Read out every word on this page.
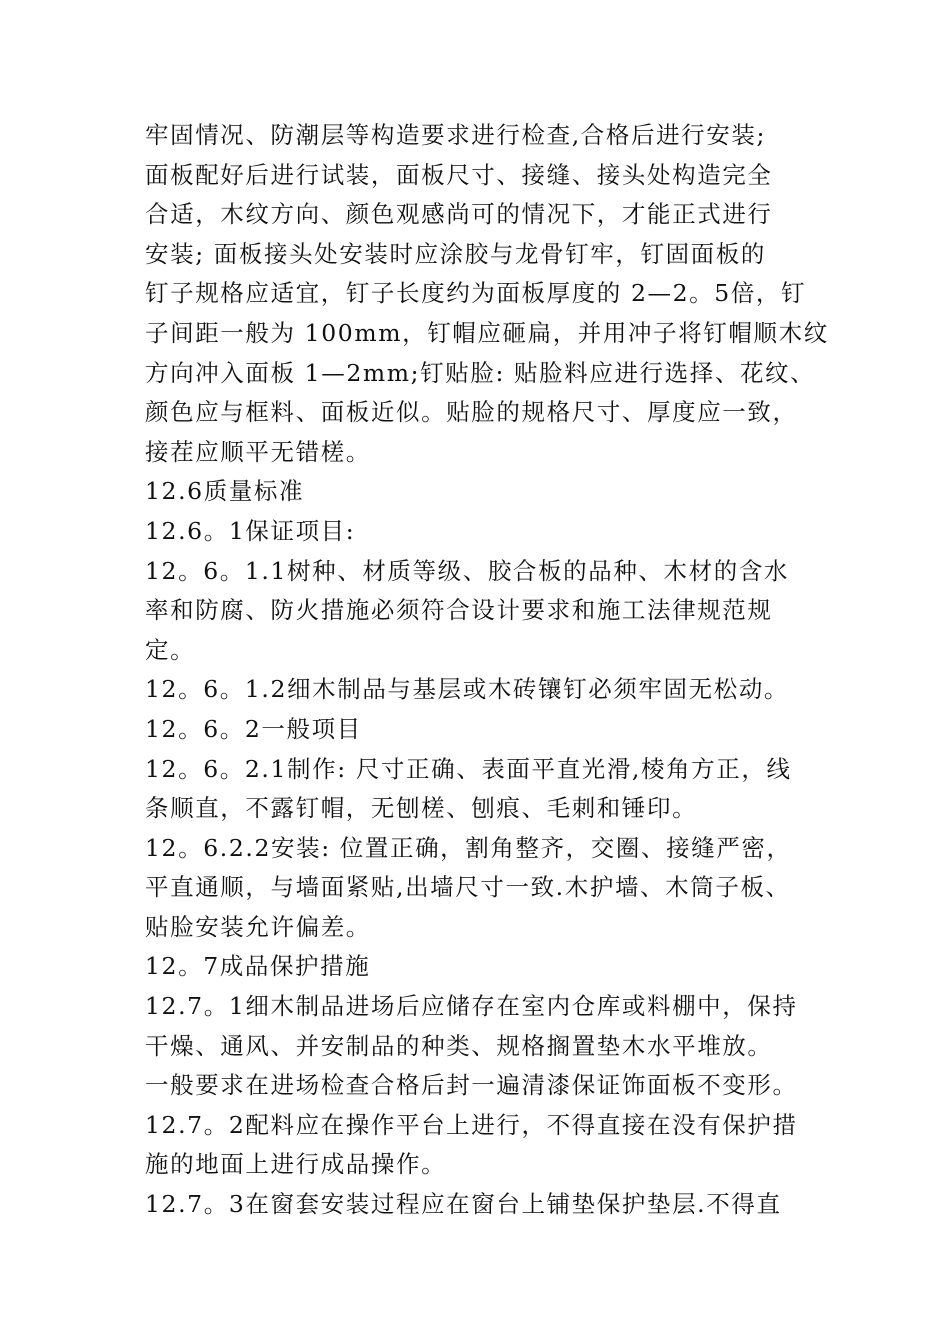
牢固情况、防潮层等构造要求进行检查,合格后进行安装;
面板配好后进行试装，面板尺寸、接缝、接头处构造完全
合适，木纹方向、颜色观感尚可的情况下，才能正式进行
安装; 面板接头处安装时应涂胶与龙骨钉牢，钉固面板的
钉子规格应适宜，钉子长度约为面板厚度的 2—2。5倍，钉
子间距一般为 100mm，钉帽应砸扁，并用冲子将钉帽顺木纹
方向冲入面板 1—2mm;钉贴脸: 贴脸料应进行选择、花纹、
颜色应与框料、面板近似。贴脸的规格尺寸、厚度应一致，
接茬应顺平无错槎。
12.6质量标准
12.6。1保证项目:
12。6。1.1树种、材质等级、胶合板的品种、木材的含水
率和防腐、防火措施必须符合设计要求和施工法律规范规
定。
12。6。1.2细木制品与基层或木砖镶钉必须牢固无松动。
12。6。2一般项目
12。6。2.1制作: 尺寸正确、表面平直光滑,棱角方正，线
条顺直，不露钉帽，无刨槎、刨痕、毛刺和锤印。
12。6.2.2安装: 位置正确，割角整齐，交圈、接缝严密，
平直通顺，与墙面紧贴,出墙尺寸一致.木护墙、木筒子板、
贴脸安装允许偏差。
12。7成品保护措施
12.7。1细木制品进场后应储存在室内仓库或料棚中，保持
干燥、通风、并安制品的种类、规格搁置垫木水平堆放。
一般要求在进场检查合格后封一遍清漆保证饰面板不变形。
12.7。2配料应在操作平台上进行，不得直接在没有保护措
施的地面上进行成品操作。
12.7。3在窗套安装过程应在窗台上铺垫保护垫层.不得直
